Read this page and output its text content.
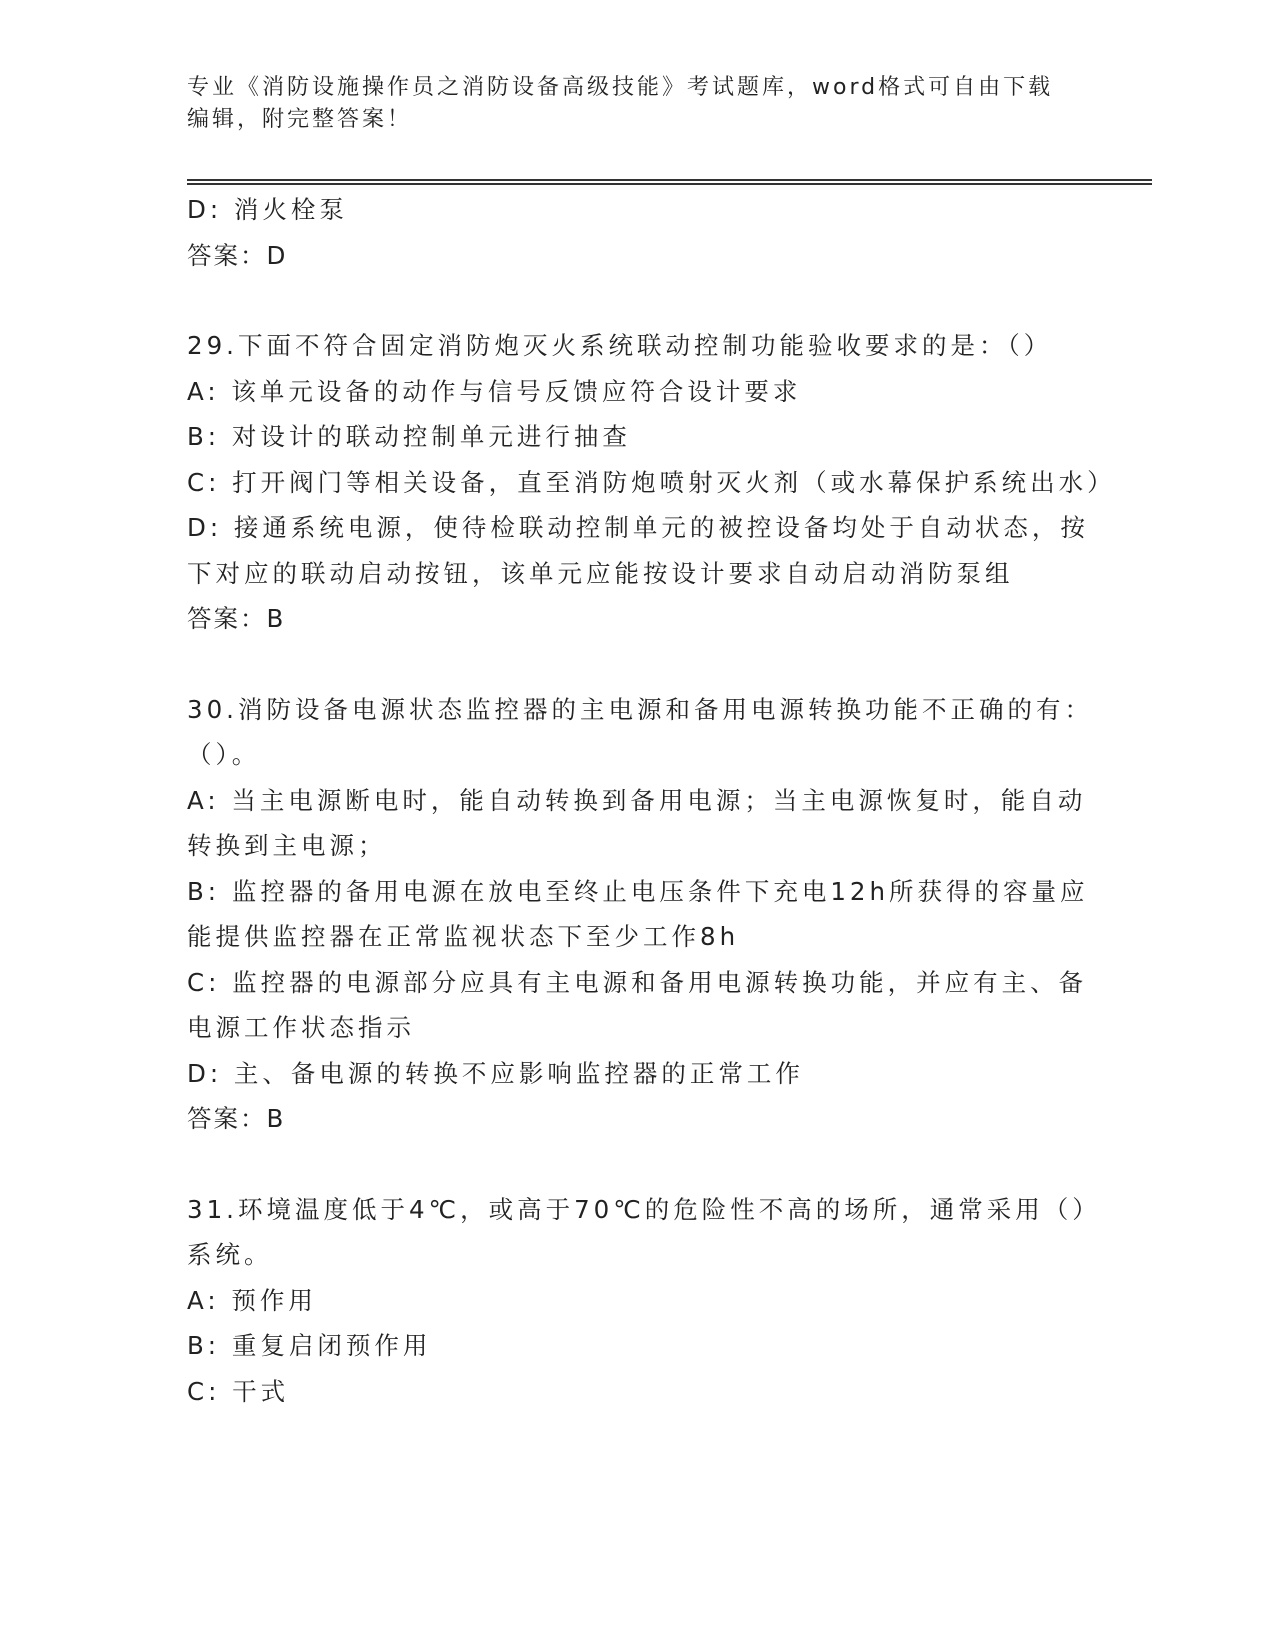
专业《消防设施操作员之消防设备高级技能》考试题库，word格式可自由下载编辑，附完整答案！
D: 消火栓泵
答案：D
29.下面不符合固定消防炮灭火系统联动控制功能验收要求的是：（）
A: 该单元设备的动作与信号反馈应符合设计要求
B: 对设计的联动控制单元进行抽查
C: 打开阀门等相关设备，直至消防炮喷射灭火剂（或水幕保护系统出水）
D: 接通系统电源，使待检联动控制单元的被控设备均处于自动状态，按下对应的联动启动按钮，该单元应能按设计要求自动启动消防泵组
答案：B
30.消防设备电源状态监控器的主电源和备用电源转换功能不正确的有：（）。
A: 当主电源断电时，能自动转换到备用电源；当主电源恢复时，能自动转换到主电源；
B: 监控器的备用电源在放电至终止电压条件下充电12h所获得的容量应能提供监控器在正常监视状态下至少工作8h
C: 监控器的电源部分应具有主电源和备用电源转换功能，并应有主、备电源工作状态指示
D: 主、备电源的转换不应影响监控器的正常工作
答案：B
31.环境温度低于4℃，或高于70℃的危险性不高的场所，通常采用（）系统。
A: 预作用
B: 重复启闭预作用
C: 干式
